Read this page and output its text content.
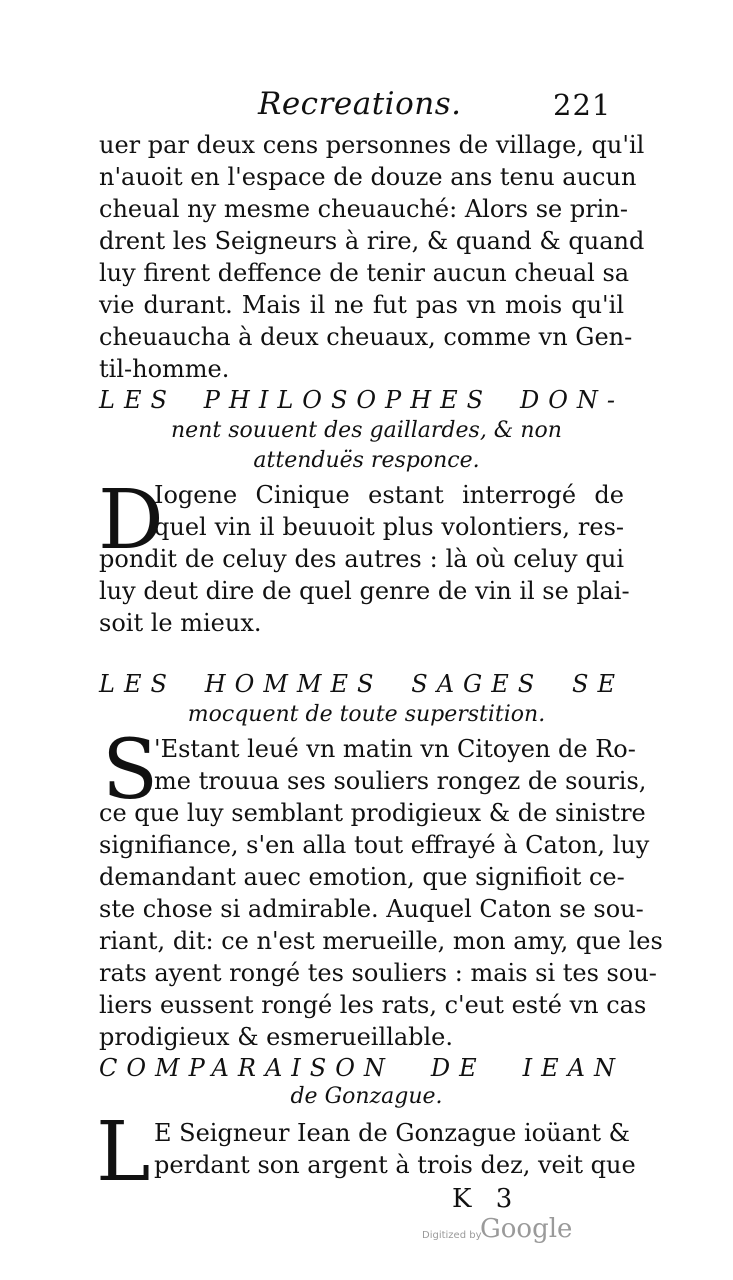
Recreations.	221
uer par deux cens personnes de village, qu'il
n'auoit en l'espace de douze ans tenu aucun
cheual ny mesme cheuauché: Alors se prin-
drent les Seigneurs à rire, & quand & quand
luy firent deffence de tenir aucun cheual sa
vie durant. Mais il ne fut pas vn mois qu'il
cheuaucha à deux cheuaux, comme vn Gen-
til-homme.
LES PHILOSOPHES DON-
nent souuent des gaillardes, & non
attenduës responce.
D
Iogene Cinique estant interrogé de
quel vin il beuuoit plus volontiers, res-
pondit de celuy des autres : là où celuy qui
luy deut dire de quel genre de vin il se plai-
soit le mieux.
LES HOMMES SAGES SE
mocquent de toute superstition.
S
'Estant leué vn matin vn Citoyen de Ro-
me trouua ses souliers rongez de souris,
ce que luy semblant prodigieux & de sinistre
signifiance, s'en alla tout effrayé à Caton, luy
demandant auec emotion, que signifioit ce-
ste chose si admirable. Auquel Caton se sou-
riant, dit: ce n'est merueille, mon amy, que les
rats ayent rongé tes souliers : mais si tes sou-
liers eussent rongé les rats, c'eut esté vn cas
prodigieux & esmerueillable.
COMPARAISON DE IEAN
de Gonzague.
L E Seigneur Iean de Gonzague ioüant &
perdant son argent à trois dez, veit que
K 3
Digitized by
Google
